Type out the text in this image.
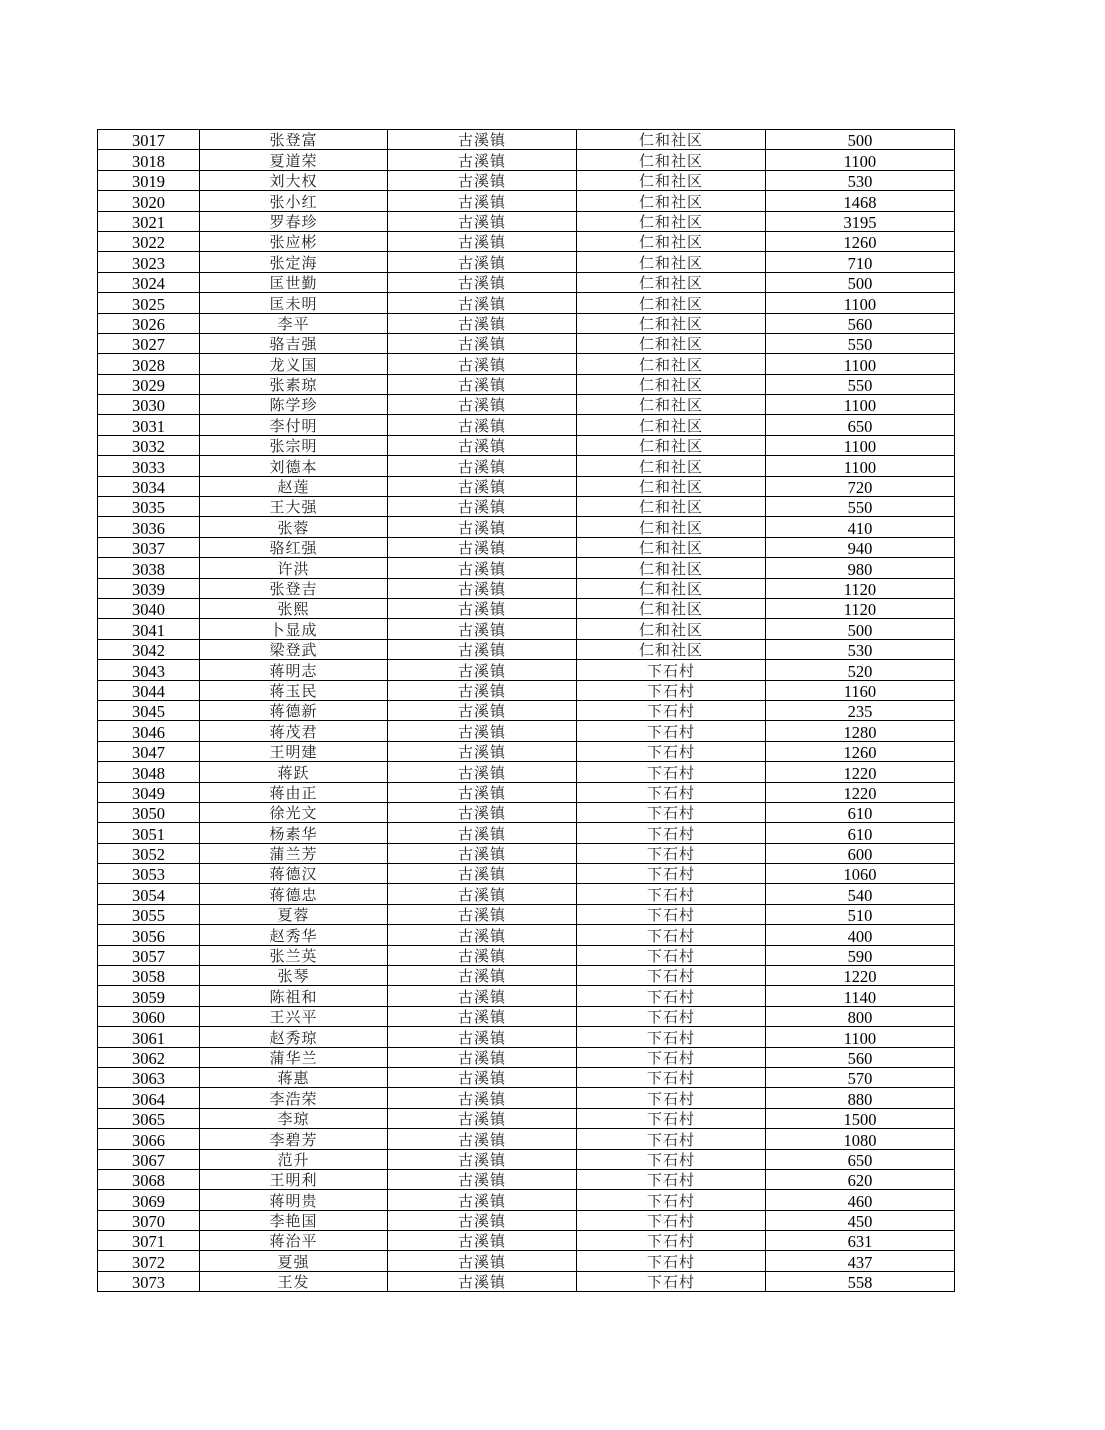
3017	张登富	古溪镇	仁和社区	500
3018	夏道荣	古溪镇	仁和社区	1100
3019	刘大权	古溪镇	仁和社区	530
3020	张小红	古溪镇	仁和社区	1468
3021	罗春珍	古溪镇	仁和社区	3195
3022	张应彬	古溪镇	仁和社区	1260
3023	张定海	古溪镇	仁和社区	710
3024	匡世勤	古溪镇	仁和社区	500
3025	匡未明	古溪镇	仁和社区	1100
3026	李平	古溪镇	仁和社区	560
3027	骆吉强	古溪镇	仁和社区	550
3028	龙义国	古溪镇	仁和社区	1100
3029	张素琼	古溪镇	仁和社区	550
3030	陈学珍	古溪镇	仁和社区	1100
3031	李付明	古溪镇	仁和社区	650
3032	张宗明	古溪镇	仁和社区	1100
3033	刘德本	古溪镇	仁和社区	1100
3034	赵莲	古溪镇	仁和社区	720
3035	王大强	古溪镇	仁和社区	550
3036	张蓉	古溪镇	仁和社区	410
3037	骆红强	古溪镇	仁和社区	940
3038	许洪	古溪镇	仁和社区	980
3039	张登吉	古溪镇	仁和社区	1120
3040	张熙	古溪镇	仁和社区	1120
3041	卜显成	古溪镇	仁和社区	500
3042	梁登武	古溪镇	仁和社区	530
3043	蒋明志	古溪镇	下石村	520
3044	蒋玉民	古溪镇	下石村	1160
3045	蒋德新	古溪镇	下石村	235
3046	蒋茂君	古溪镇	下石村	1280
3047	王明建	古溪镇	下石村	1260
3048	蒋跃	古溪镇	下石村	1220
3049	蒋由正	古溪镇	下石村	1220
3050	徐光文	古溪镇	下石村	610
3051	杨素华	古溪镇	下石村	610
3052	蒲兰芳	古溪镇	下石村	600
3053	蒋德汉	古溪镇	下石村	1060
3054	蒋德忠	古溪镇	下石村	540
3055	夏蓉	古溪镇	下石村	510
3056	赵秀华	古溪镇	下石村	400
3057	张兰英	古溪镇	下石村	590
3058	张琴	古溪镇	下石村	1220
3059	陈祖和	古溪镇	下石村	1140
3060	王兴平	古溪镇	下石村	800
3061	赵秀琼	古溪镇	下石村	1100
3062	蒲华兰	古溪镇	下石村	560
3063	蒋惠	古溪镇	下石村	570
3064	李浩荣	古溪镇	下石村	880
3065	李琼	古溪镇	下石村	1500
3066	李碧芳	古溪镇	下石村	1080
3067	范升	古溪镇	下石村	650
3068	王明利	古溪镇	下石村	620
3069	蒋明贵	古溪镇	下石村	460
3070	李艳国	古溪镇	下石村	450
3071	蒋治平	古溪镇	下石村	631
3072	夏强	古溪镇	下石村	437
3073	王发	古溪镇	下石村	558
